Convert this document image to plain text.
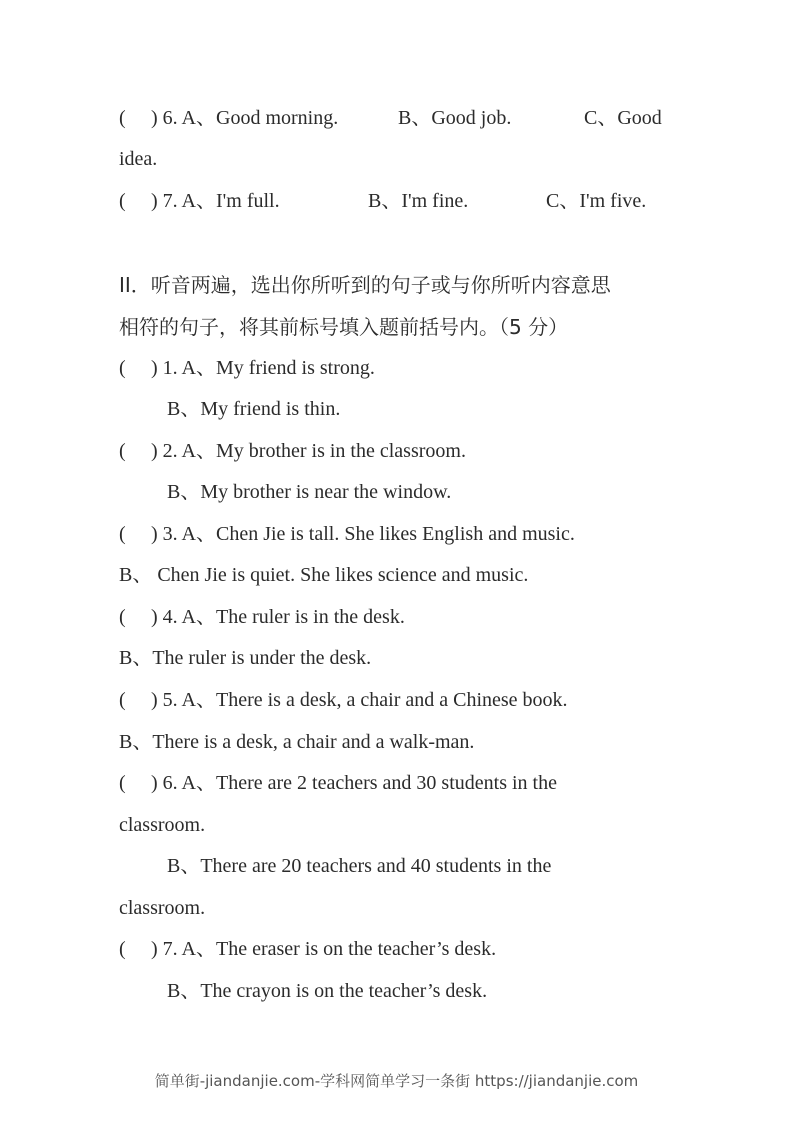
( ) 6. A、Good morning.	B、Good job.	C、Good
idea.
( ) 7. A、I'm full.	B、I'm fine.	C、I'm five.
II．听音两遍，选出你所听到的句子或与你所听内容意思
相符的句子，将其前标号填入题前括号内。（5 分）
( ) 1. A、My friend is strong.
B、My friend is thin.
( ) 2. A、My brother is in the classroom.
B、My brother is near the window.
( ) 3. A、Chen Jie is tall. She likes English and music.
B、 Chen Jie is quiet. She likes science and music.
( ) 4. A、The ruler is in the desk.
B、The ruler is under the desk.
( ) 5. A、There is a desk, a chair and a Chinese book.
B、There is a desk, a chair and a walk-man.
( ) 6. A、There are 2 teachers and 30 students in the
classroom.
B、There are 20 teachers and 40 students in the
classroom.
( ) 7. A、The eraser is on the teacher’s desk.
B、The crayon is on the teacher’s desk.
简单街-jiandanjie.com-学科网简单学习一条街 https://jiandanjie.com
